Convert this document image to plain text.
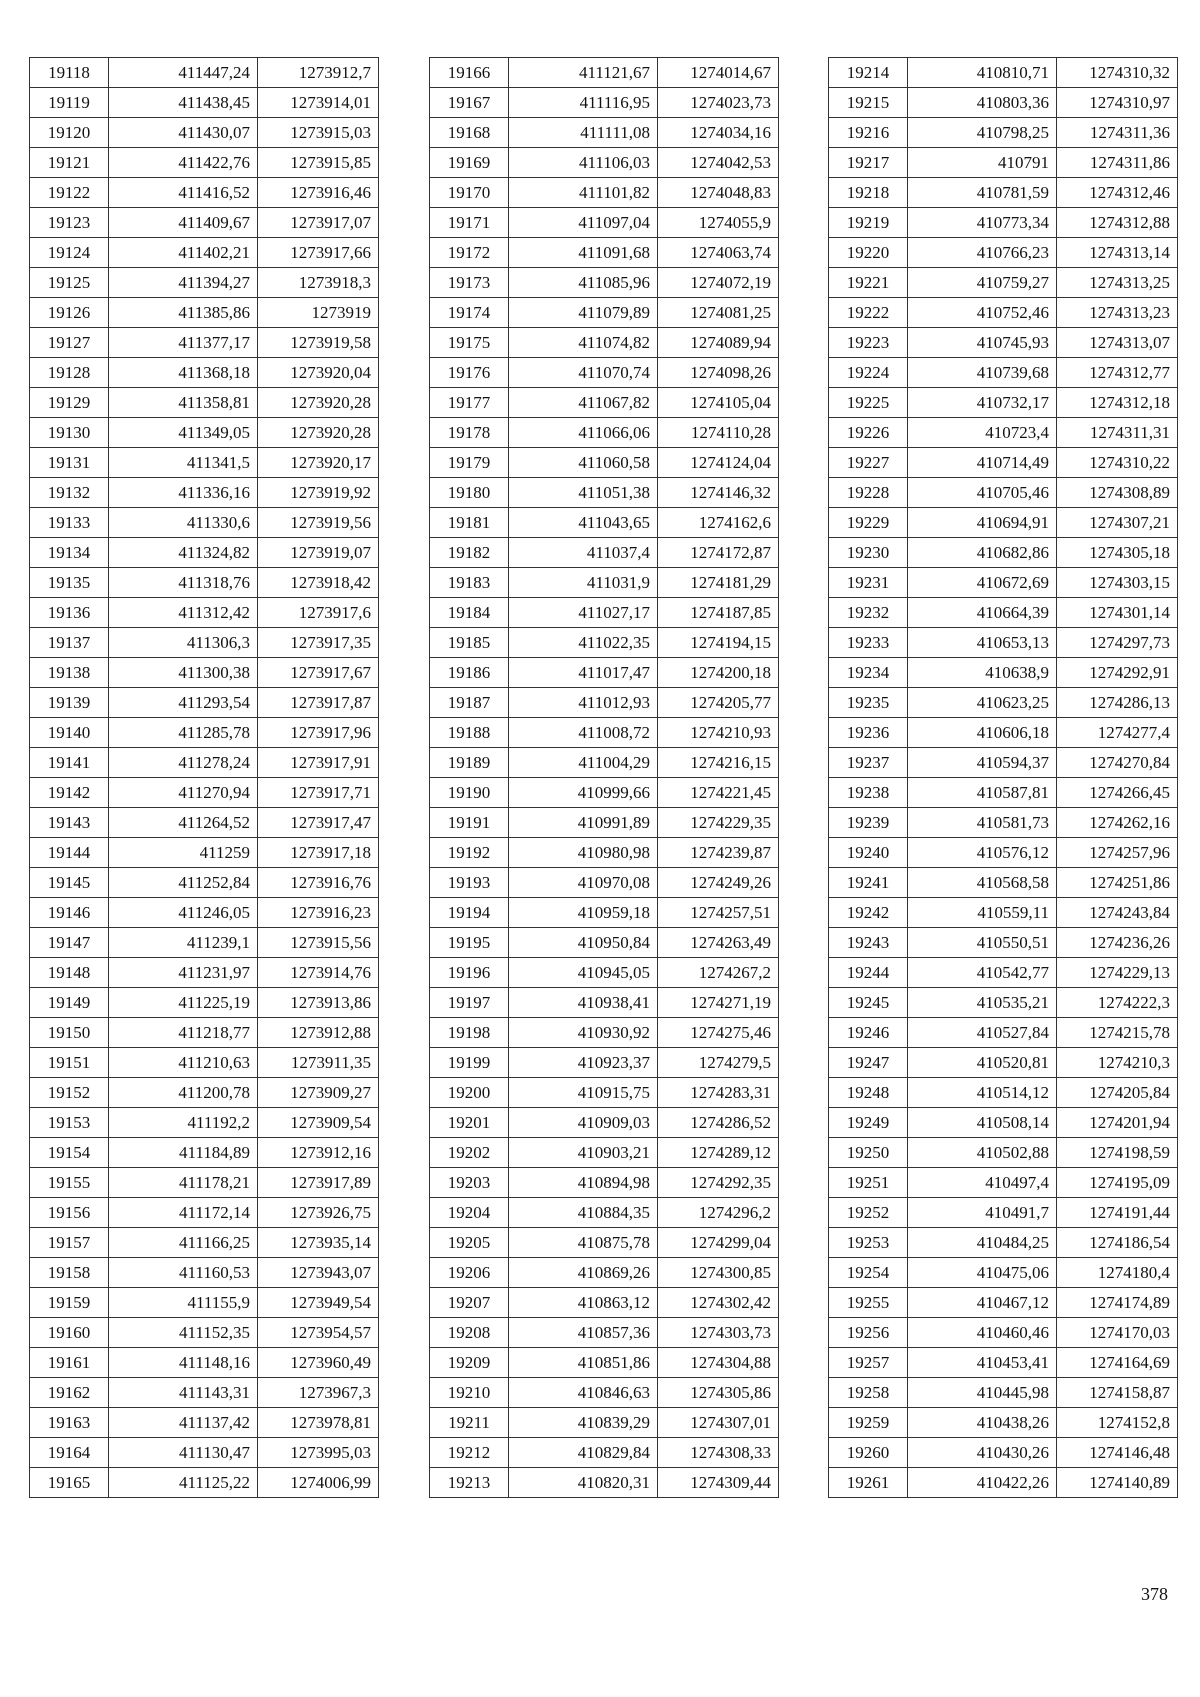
19118	411447,24	1273912,7
19119	411438,45	1273914,01
19120	411430,07	1273915,03
19121	411422,76	1273915,85
19122	411416,52	1273916,46
19123	411409,67	1273917,07
19124	411402,21	1273917,66
19125	411394,27	1273918,3
19126	411385,86	1273919
19127	411377,17	1273919,58
19128	411368,18	1273920,04
19129	411358,81	1273920,28
19130	411349,05	1273920,28
19131	411341,5	1273920,17
19132	411336,16	1273919,92
19133	411330,6	1273919,56
19134	411324,82	1273919,07
19135	411318,76	1273918,42
19136	411312,42	1273917,6
19137	411306,3	1273917,35
19138	411300,38	1273917,67
19139	411293,54	1273917,87
19140	411285,78	1273917,96
19141	411278,24	1273917,91
19142	411270,94	1273917,71
19143	411264,52	1273917,47
19144	411259	1273917,18
19145	411252,84	1273916,76
19146	411246,05	1273916,23
19147	411239,1	1273915,56
19148	411231,97	1273914,76
19149	411225,19	1273913,86
19150	411218,77	1273912,88
19151	411210,63	1273911,35
19152	411200,78	1273909,27
19153	411192,2	1273909,54
19154	411184,89	1273912,16
19155	411178,21	1273917,89
19156	411172,14	1273926,75
19157	411166,25	1273935,14
19158	411160,53	1273943,07
19159	411155,9	1273949,54
19160	411152,35	1273954,57
19161	411148,16	1273960,49
19162	411143,31	1273967,3
19163	411137,42	1273978,81
19164	411130,47	1273995,03
19165	411125,22	1274006,99
19166	411121,67	1274014,67
19167	411116,95	1274023,73
19168	411111,08	1274034,16
19169	411106,03	1274042,53
19170	411101,82	1274048,83
19171	411097,04	1274055,9
19172	411091,68	1274063,74
19173	411085,96	1274072,19
19174	411079,89	1274081,25
19175	411074,82	1274089,94
19176	411070,74	1274098,26
19177	411067,82	1274105,04
19178	411066,06	1274110,28
19179	411060,58	1274124,04
19180	411051,38	1274146,32
19181	411043,65	1274162,6
19182	411037,4	1274172,87
19183	411031,9	1274181,29
19184	411027,17	1274187,85
19185	411022,35	1274194,15
19186	411017,47	1274200,18
19187	411012,93	1274205,77
19188	411008,72	1274210,93
19189	411004,29	1274216,15
19190	410999,66	1274221,45
19191	410991,89	1274229,35
19192	410980,98	1274239,87
19193	410970,08	1274249,26
19194	410959,18	1274257,51
19195	410950,84	1274263,49
19196	410945,05	1274267,2
19197	410938,41	1274271,19
19198	410930,92	1274275,46
19199	410923,37	1274279,5
19200	410915,75	1274283,31
19201	410909,03	1274286,52
19202	410903,21	1274289,12
19203	410894,98	1274292,35
19204	410884,35	1274296,2
19205	410875,78	1274299,04
19206	410869,26	1274300,85
19207	410863,12	1274302,42
19208	410857,36	1274303,73
19209	410851,86	1274304,88
19210	410846,63	1274305,86
19211	410839,29	1274307,01
19212	410829,84	1274308,33
19213	410820,31	1274309,44
19214	410810,71	1274310,32
19215	410803,36	1274310,97
19216	410798,25	1274311,36
19217	410791	1274311,86
19218	410781,59	1274312,46
19219	410773,34	1274312,88
19220	410766,23	1274313,14
19221	410759,27	1274313,25
19222	410752,46	1274313,23
19223	410745,93	1274313,07
19224	410739,68	1274312,77
19225	410732,17	1274312,18
19226	410723,4	1274311,31
19227	410714,49	1274310,22
19228	410705,46	1274308,89
19229	410694,91	1274307,21
19230	410682,86	1274305,18
19231	410672,69	1274303,15
19232	410664,39	1274301,14
19233	410653,13	1274297,73
19234	410638,9	1274292,91
19235	410623,25	1274286,13
19236	410606,18	1274277,4
19237	410594,37	1274270,84
19238	410587,81	1274266,45
19239	410581,73	1274262,16
19240	410576,12	1274257,96
19241	410568,58	1274251,86
19242	410559,11	1274243,84
19243	410550,51	1274236,26
19244	410542,77	1274229,13
19245	410535,21	1274222,3
19246	410527,84	1274215,78
19247	410520,81	1274210,3
19248	410514,12	1274205,84
19249	410508,14	1274201,94
19250	410502,88	1274198,59
19251	410497,4	1274195,09
19252	410491,7	1274191,44
19253	410484,25	1274186,54
19254	410475,06	1274180,4
19255	410467,12	1274174,89
19256	410460,46	1274170,03
19257	410453,41	1274164,69
19258	410445,98	1274158,87
19259	410438,26	1274152,8
19260	410430,26	1274146,48
19261	410422,26	1274140,89
378
